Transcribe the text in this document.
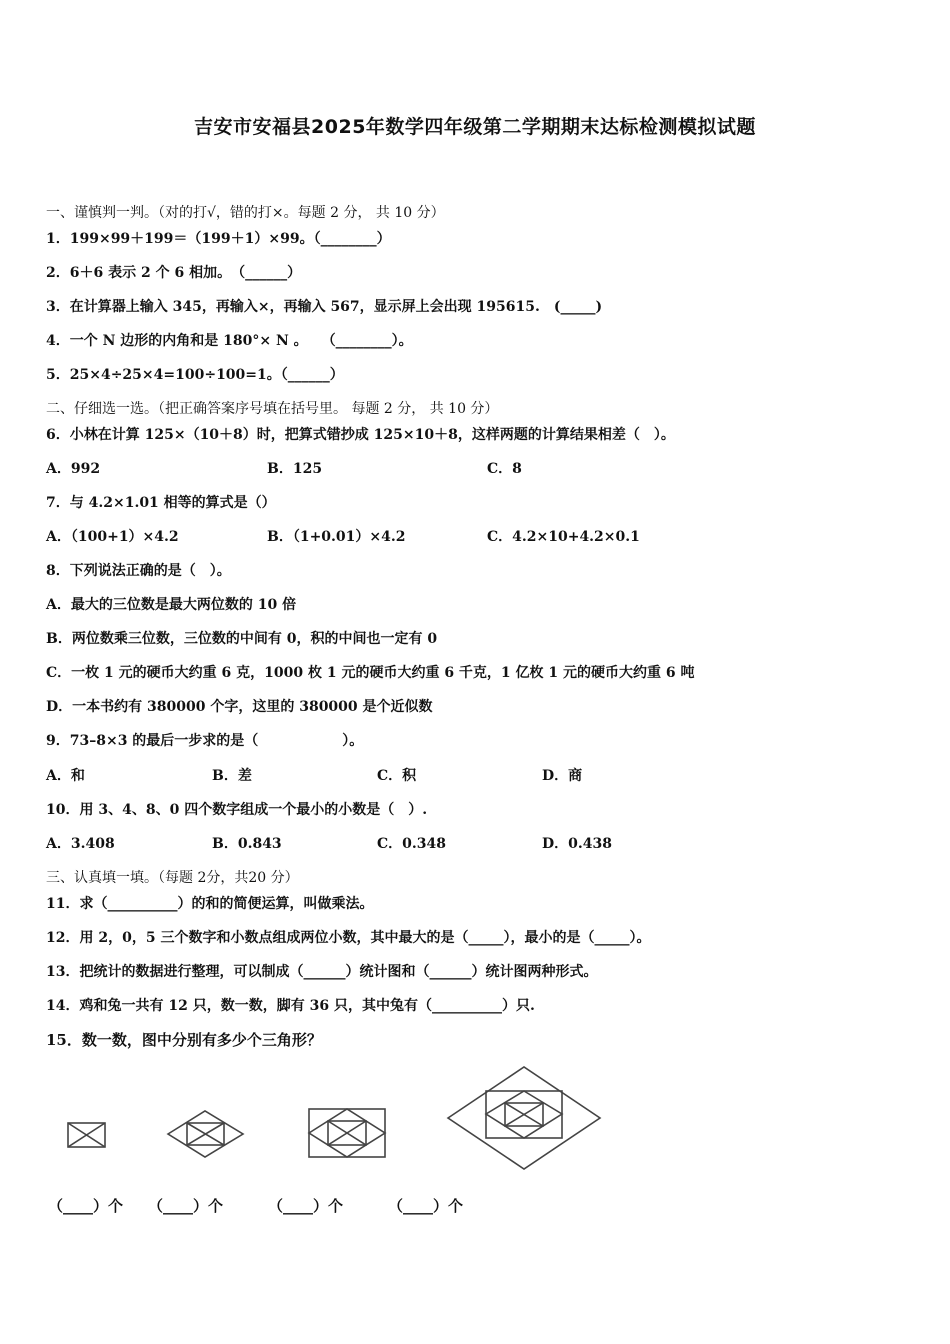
吉安市安福县2025年数学四年级第二学期期末达标检测模拟试题
一、谨慎判一判。（对的打√，错的打×。每题 2 分， 共 10 分）
1．199×99＋199＝（199＋1）×99。（________）
2．6＋6 表示 2 个 6 相加。　（______）
3．在计算器上输入 345，再输入×，再输入 567，显示屏上会出现 195615.　(_____)
4．一个 N 边形的内角和是 180°× N 。　　（________）。
5．25×4÷25×4=100÷100=1。（______）
二、仔细选一选。（把正确答案序号填在括号里。 每题 2 分， 共 10 分）
6．小林在计算 125×（10＋8）时，把算式错抄成 125×10＋8，这样两题的计算结果相差（　）。
A．992	B．125	C．8
7．与 4.2×1.01 相等的算式是（）
A．（100+1）×4.2	B．（1+0.01）×4.2	C．4.2×10+4.2×0.1
8．下列说法正确的是（　）。
A．最大的三位数是最大两位数的 10 倍
B．两位数乘三位数，三位数的中间有 0，积的中间也一定有 0
C．一枚 1 元的硬币大约重 6 克，1000 枚 1 元的硬币大约重 6 千克，1 亿枚 1 元的硬币大约重 6 吨
D．一本书约有 380000 个字，这里的 380000 是个近似数
9．73–8×3 的最后一步求的是（　　　　　　）。
A．和	B．差	C．积	D．商
10．用 3、4、8、0 四个数字组成一个最小的小数是（　）.
A．3.408	B．0.843	C．0.348	D．0.438
三、认真填一填。（每题 2分，共20 分）
11．求（__________）的和的简便运算，叫做乘法。
12．用 2，0，5 三个数字和小数点组成两位小数，其中最大的是（_____），最小的是（_____）。
13．把统计的数据进行整理，可以制成（______）统计图和（______）统计图两种形式。
14．鸡和兔一共有 12 只，数一数，脚有 36 只，其中兔有（__________）只.
15．数一数，图中分别有多少个三角形？
（____）个 （____）个	（____）个	（____）个
